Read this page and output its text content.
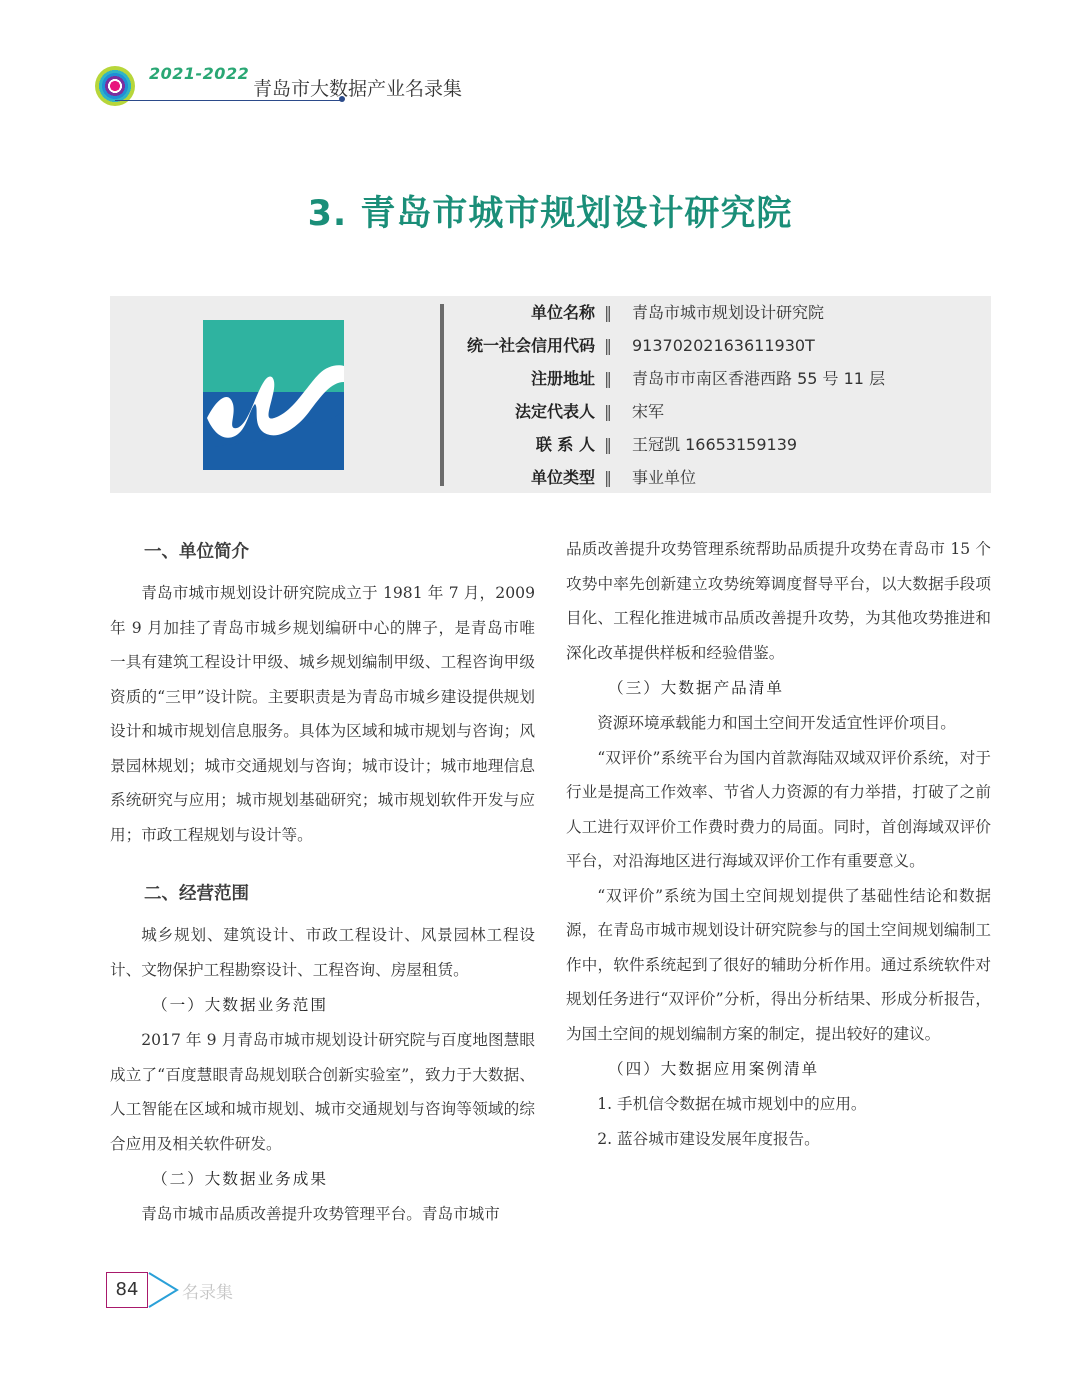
2021-2022
青岛市大数据产业名录集
3. 青岛市城市规划设计研究院
单位名称 ‖ 青岛市城市规划设计研究院
统一社会信用代码 ‖ 91370202163611930T
注册地址 ‖ 青岛市市南区香港西路 55 号 11 层
法定代表人 ‖ 宋军
联 系 人 ‖ 王冠凯 16653159139
单位类型 ‖ 事业单位
一、单位简介

青岛市城市规划设计研究院成立于 1981 年 7 月，2009 年 9 月加挂了青岛市城乡规划编研中心的牌子，是青岛市唯一具有建筑工程设计甲级、城乡规划编制甲级、工程咨询甲级资质的“三甲”设计院。主要职责是为青岛市城乡建设提供规划设计和城市规划信息服务。具体为区域和城市规划与咨询；风景园林规划；城市交通规划与咨询；城市设计；城市地理信息系统研究与应用；城市规划基础研究；城市规划软件开发与应用；市政工程规划与设计等。

二、经营范围

城乡规划、建筑设计、市政工程设计、风景园林工程设计、文物保护工程勘察设计、工程咨询、房屋租赁。

（一）大数据业务范围

2017 年 9 月青岛市城市规划设计研究院与百度地图慧眼成立了“百度慧眼青岛规划联合创新实验室”，致力于大数据、人工智能在区域和城市规划、城市交通规划与咨询等领域的综合应用及相关软件研发。

（二）大数据业务成果

青岛市城市品质改善提升攻势管理平台。青岛市城市

品质改善提升攻势管理系统帮助品质提升攻势在青岛市 15 个攻势中率先创新建立攻势统筹调度督导平台，以大数据手段项目化、工程化推进城市品质改善提升攻势，为其他攻势推进和深化改革提供样板和经验借鉴。

（三）大数据产品清单

资源环境承载能力和国土空间开发适宜性评价项目。

“双评价”系统平台为国内首款海陆双域双评价系统，对于行业是提高工作效率、节省人力资源的有力举措，打破了之前人工进行双评价工作费时费力的局面。同时，首创海域双评价平台，对沿海地区进行海域双评价工作有重要意义。

“双评价”系统为国土空间规划提供了基础性结论和数据源，在青岛市城市规划设计研究院参与的国土空间规划编制工作中，软件系统起到了很好的辅助分析作用。通过系统软件对规划任务进行“双评价”分析，得出分析结果、形成分析报告，为国土空间的规划编制方案的制定，提出较好的建议。

（四）大数据应用案例清单

1. 手机信令数据在城市规划中的应用。

2. 蓝谷城市建设发展年度报告。

84	名录集
